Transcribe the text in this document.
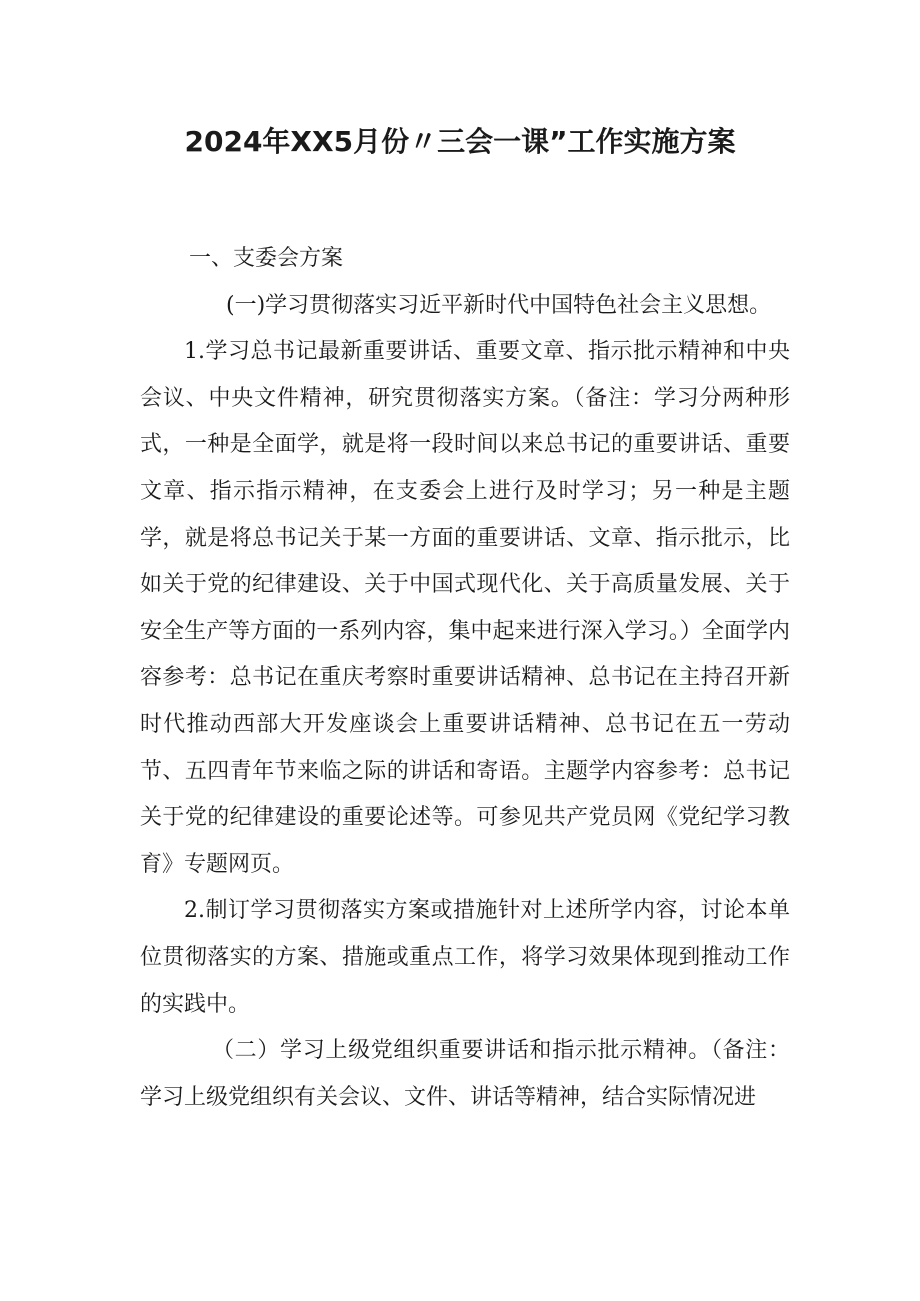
2024年XX5月份〃三会一课”工作实施方案

一、支委会方案

(一)学习贯彻落实习近平新时代中国特色社会主义思想。

1.学习总书记最新重要讲话、重要文章、指示批示精神和中央会议、中央文件精神，研究贯彻落实方案。（备注：学习分两种形式，一种是全面学，就是将一段时间以来总书记的重要讲话、重要文章、指示指示精神，在支委会上进行及时学习；另一种是主题学，就是将总书记关于某一方面的重要讲话、文章、指示批示，比如关于党的纪律建设、关于中国式现代化、关于高质量发展、关于安全生产等方面的一系列内容，集中起来进行深入学习。）全面学内容参考：总书记在重庆考察时重要讲话精神、总书记在主持召开新时代推动西部大开发座谈会上重要讲话精神、总书记在五一劳动节、五四青年节来临之际的讲话和寄语。主题学内容参考：总书记关于党的纪律建设的重要论述等。可参见共产党员网《党纪学习教育》专题网页。

2.制订学习贯彻落实方案或措施针对上述所学内容，讨论本单位贯彻落实的方案、措施或重点工作，将学习效果体现到推动工作的实践中。

（二）学习上级党组织重要讲话和指示批示精神。（备注：学习上级党组织有关会议、文件、讲话等精神，结合实际情况进
